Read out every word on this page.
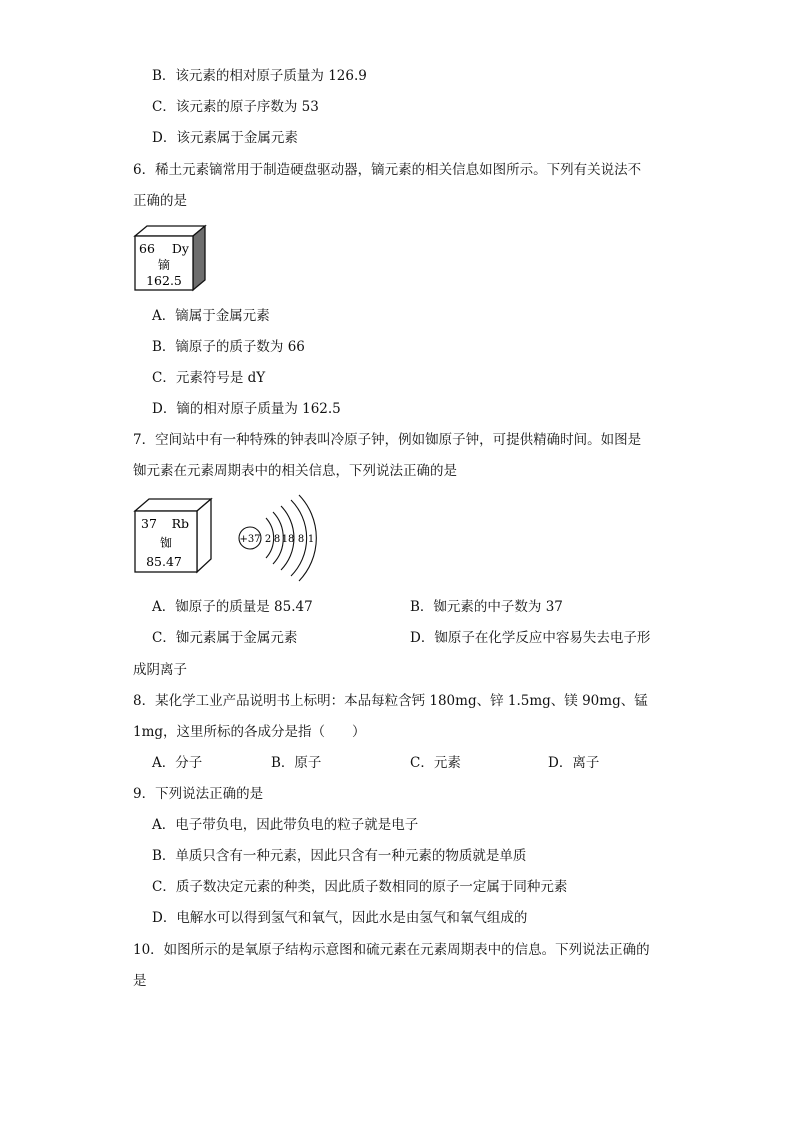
B．该元素的相对原子质量为 126.9
C．该元素的原子序数为 53
D．该元素属于金属元素
6．稀土元素镝常用于制造硬盘驱动器，镝元素的相关信息如图所示。下列有关说法不
正确的是
66 Dy
镝
162.5
A．镝属于金属元素
B．镝原子的质子数为 66
C．元素符号是 dY
D．镝的相对原子质量为 162.5
7．空间站中有一种特殊的钟表叫冷原子钟，例如铷原子钟，可提供精确时间。如图是
铷元素在元素周期表中的相关信息，下列说法正确的是
37 Rb
铷
85.47
+37 2 8 18 8 1
A．铷原子的质量是 85.47	B．铷元素的中子数为 37
C．铷元素属于金属元素	D．铷原子在化学反应中容易失去电子形
成阴离子
8．某化学工业产品说明书上标明：本品每粒含钙 180mg、锌 1.5mg、镁 90mg、锰
1mg，这里所标的各成分是指（　　）
A．分子	B．原子	C．元素	D．离子
9．下列说法正确的是
A．电子带负电，因此带负电的粒子就是电子
B．单质只含有一种元素，因此只含有一种元素的物质就是单质
C．质子数决定元素的种类，因此质子数相同的原子一定属于同种元素
D．电解水可以得到氢气和氧气，因此水是由氢气和氧气组成的
10．如图所示的是氧原子结构示意图和硫元素在元素周期表中的信息。下列说法正确的
是
